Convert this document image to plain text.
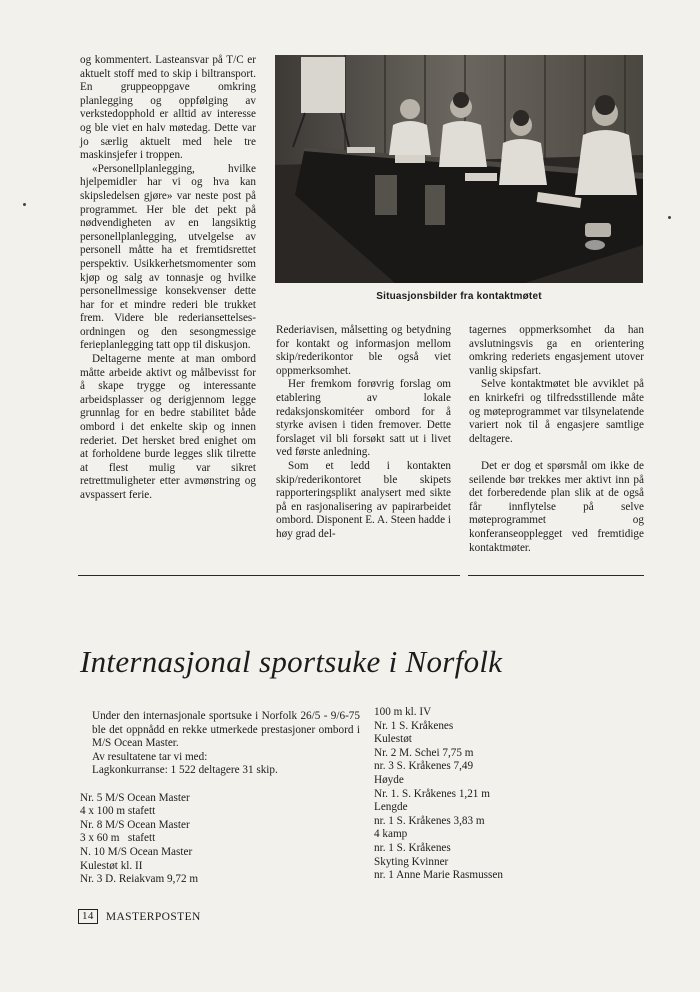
og kommentert. Lasteansvar på T/C er aktuelt stoff med to skip i biltransport. En gruppeoppgave omkring planlegging og oppfølging av verkstedopphold er alltid av interesse og ble viet en halv møtedag. Dette var jo særlig aktuelt med hele tre maskinsjefer i troppen.

«Personellplanlegging, hvilke hjelpemidler har vi og hva kan skipsledelsen gjøre» var neste post på programmet. Her ble det pekt på nødvendigheten av en langsiktig personellplanlegging, utvelgelse av personell måtte ha et fremtidsrettet perspektiv. Usikkerhetsmomenter som kjøp og salg av tonnasje og hvilke personellmessige konsekvenser dette har for et mindre rederi ble trukket frem. Videre ble rederiansettelses-ordningen og den sesongmessige ferieplanlegging tatt opp til diskusjon.

Deltagerne mente at man ombord måtte arbeide aktivt og målbevisst for å skape trygge og interessante arbeidsplasser og derigjennom legge grunnlag for en bedre stabilitet både ombord i det enkelte skip og innen rederiet. Det hersket bred enighet om at forholdene burde legges slik tilrette at flest mulig var sikret retrettmuligheter etter avmønstring og avspassert ferie.

Situasjonsbilder fra kontaktmøtet

Rederiavisen, målsetting og betydning for kontakt og informasjon mellom skip/rederikontor ble også viet oppmerksomhet.

Her fremkom forøvrig forslag om etablering av lokale redaksjonskomitéer ombord for å styrke avisen i tiden fremover. Dette forslaget vil bli forsøkt satt ut i livet ved første anledning.

Som et ledd i kontakten skip/rederikontoret ble skipets rapporteringsplikt analysert med sikte på en rasjonalisering av papirarbeidet ombord. Disponent E. A. Steen hadde i høy grad del-

tagernes oppmerksomhet da han avslutningsvis ga en orientering omkring rederiets engasjement utover vanlig skipsfart.

Selve kontaktmøtet ble avviklet på en knirkefri og tilfredsstillende måte og møteprogrammet var tilsynelatende variert nok til å engasjere samtlige deltagere.

Det er dog et spørsmål om ikke de seilende bør trekkes mer aktivt inn på det forberedende plan slik at de også får innflytelse på selve møteprogrammet og konferanseopplegget ved fremtidige kontaktmøter.

Internasjonal sportsuke i Norfolk

Under den internasjonale sportsuke i Norfolk 26/5 - 9/6-75 ble det oppnådd en rekke utmerkede prestasjoner ombord i M/S Ocean Master.

Av resultatene tar vi med:

Lagkonkurranse: 1 522 deltagere 31 skip.

Nr. 5 M/S Ocean Master

4 x 100 m stafett

Nr. 8 M/S Ocean Master

3 x 60 m   stafett

N. 10 M/S Ocean Master

Kulestøt kl. II

Nr. 3 D. Reiakvam 9,72 m

100 m kl. IV

Nr. 1 S. Kråkenes

Kulestøt

Nr. 2 M. Schei 7,75 m

nr. 3 S. Kråkenes 7,49

Høyde

Nr. 1. S. Kråkenes 1,21 m

Lengde

nr. 1 S. Kråkenes 3,83 m

4 kamp

nr. 1 S. Kråkenes

Skyting Kvinner

nr. 1 Anne Marie Rasmussen

14	MASTERPOSTEN
